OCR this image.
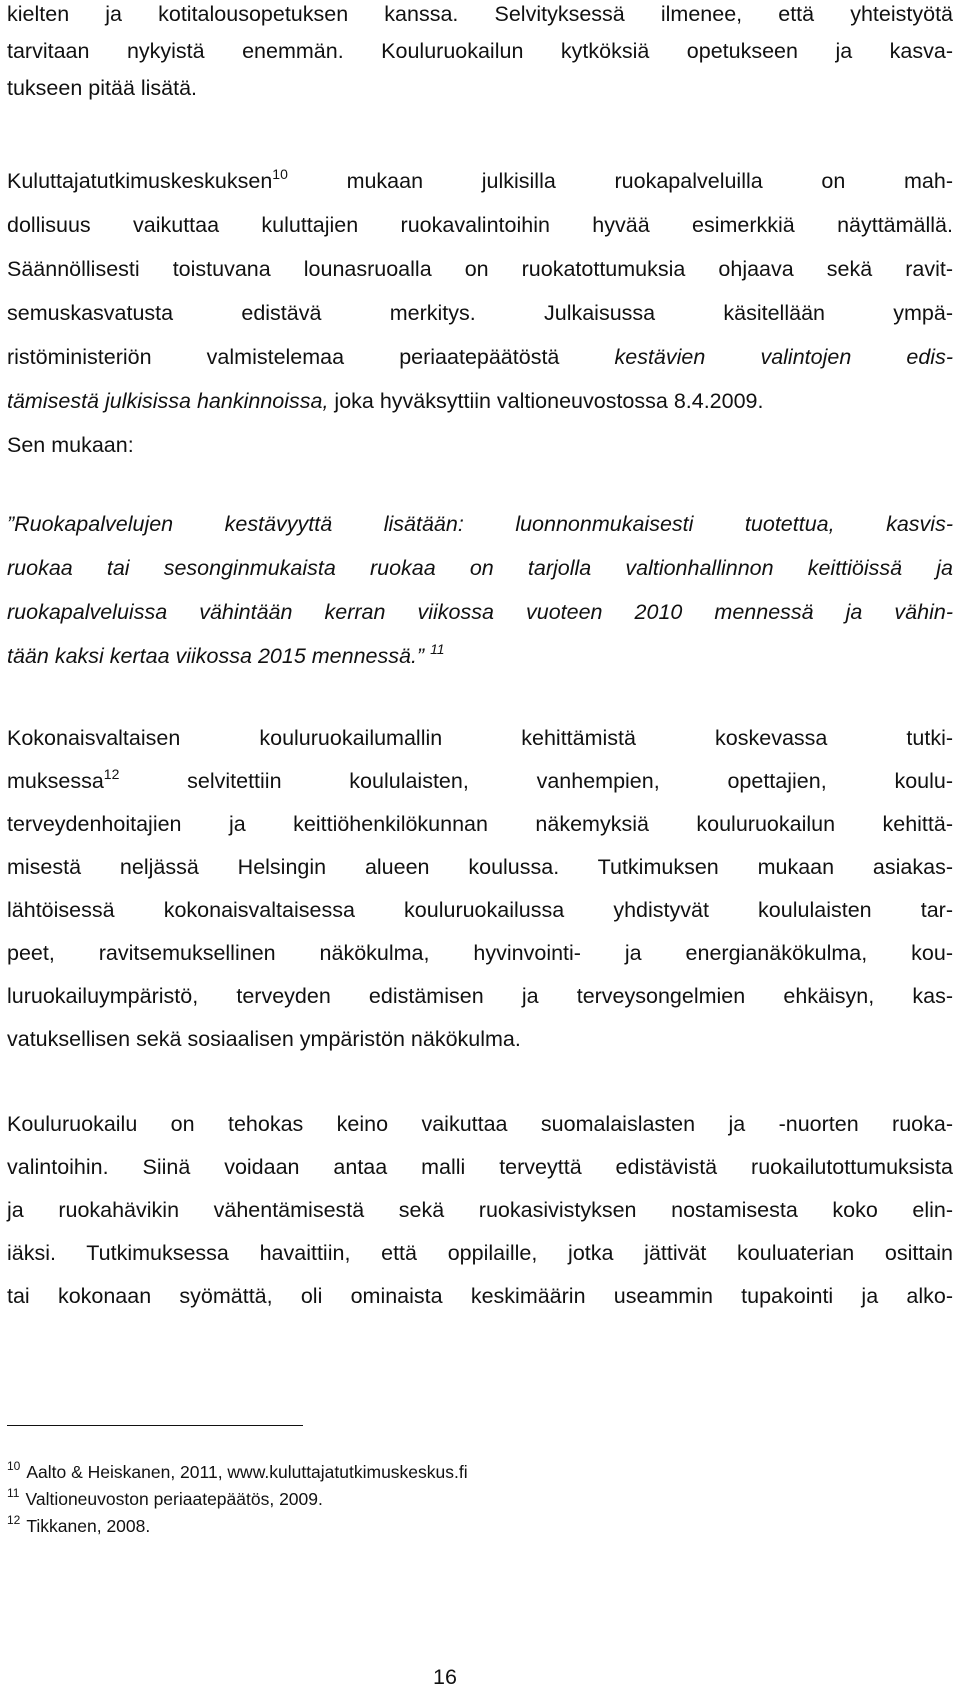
kielten ja kotitalousopetuksen kanssa. Selvityksessä ilmenee, että yhteistyötä
tarvitaan nykyistä enemmän. Kouluruokailun kytköksiä opetukseen ja kasva-
tukseen pitää lisätä.
Kuluttajatutkimuskeskuksen$^{10}$ mukaan julkisilla ruokapalveluilla on mah-
dollisuus vaikuttaa kuluttajien ruokavalintoihin hyvää esimerkkiä näyttämällä.
Säännöllisesti toistuvana lounasruoalla on ruokatottumuksia ohjaava sekä ravit-
semuskasvatusta edistävä merkitys. Julkaisussa käsitellään ympä-
ristöministeriön valmistelemaa periaatepäätöstä kestävien valintojen edis-
tämisestä julkisissa hankinnoissa, joka hyväksyttiin valtioneuvostossa 8.4.2009.
Sen mukaan:
”Ruokapalvelujen kestävyyttä lisätään: luonnonmukaisesti tuotettua, kasvis-
ruokaa tai sesonginmukaista ruokaa on tarjolla valtionhallinnon keittiöissä ja
ruokapalveluissa vähintään kerran viikossa vuoteen 2010 mennessä ja vähin-
tään kaksi kertaa viikossa 2015 mennessä.” $^{11}$
Kokonaisvaltaisen kouluruokailumallin kehittämistä koskevassa tutki-
muksessa$^{12}$ selvitettiin koululaisten, vanhempien, opettajien, koulu-
terveydenhoitajien ja keittiöhenkilökunnan näkemyksiä kouluruokailun kehittä-
misestä neljässä Helsingin alueen koulussa. Tutkimuksen mukaan asiakas-
lähtöisessä kokonaisvaltaisessa kouluruokailussa yhdistyvät koululaisten tar-
peet, ravitsemuksellinen näkökulma, hyvinvointi- ja energianäkökulma, kou-
luruokailuympäristö, terveyden edistämisen ja terveysongelmien ehkäisyn, kas-
vatuksellisen sekä sosiaalisen ympäristön näkökulma.
Kouluruokailu on tehokas keino vaikuttaa suomalaislasten ja -nuorten ruoka-
valintoihin. Siinä voidaan antaa malli terveyttä edistävistä ruokailutottumuksista
ja ruokahävikin vähentämisestä sekä ruokasivistyksen nostamisesta koko elin-
iäksi. Tutkimuksessa havaittiin, että oppilaille, jotka jättivät kouluaterian osittain
tai kokonaan syömättä, oli ominaista keskimäärin useammin tupakointi ja alko-
$^{10}$ Aalto & Heiskanen, 2011, www.kuluttajatutkimuskeskus.fi
$^{11}$ Valtioneuvoston periaatepäätös, 2009.
$^{12}$ Tikkanen, 2008.
16
